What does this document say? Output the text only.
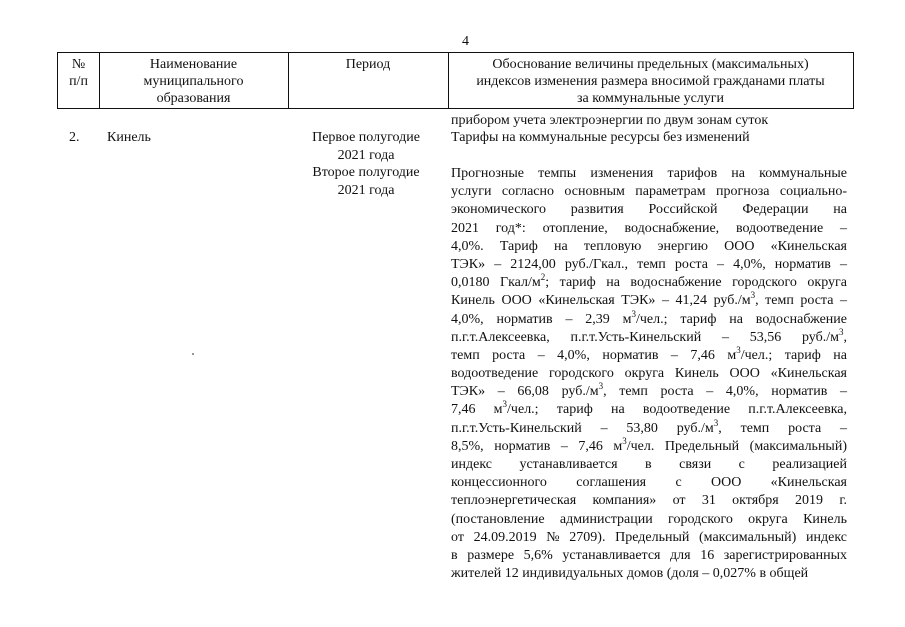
4
№
п/п
Наименование
муниципального
образования
Период	Обоснование величины предельных (максимальных)
индексов изменения размера вносимой гражданами платы
за коммунальные услуги
прибором учета электроэнергии по двум зонам суток
2. Кинель	Первое полугодие
2021 года
Второе полугодие
2021 года
Тарифы на коммунальные ресурсы без изменений
Прогнозные темпы изменения тарифов на коммунальные
услуги согласно основным параметрам прогноза социально-
экономического развития Российской Федерации на
2021 год*: отопление, водоснабжение, водоотведение –
4,0%. Тариф на тепловую энергию ООО «Кинельская
ТЭК» – 2124,00 руб./Гкал., темп роста – 4,0%, норматив –
0,0180 Гкал/$м^2$; тариф на водоснабжение городского округа
Кинель ООО «Кинельская ТЭК» – 41,24 $руб./м^3$, темп роста –
4,0%, норматив – 2,39 $м^3$/чел.; тариф на водоснабжение
п.г.т.Алексеевка, п.г.т.Усть-Кинельский – 53,56 $руб./м^3$,
темп роста – 4,0%, норматив – 7,46 $м^3$/чел.; тариф на
водоотведение городского округа Кинель ООО «Кинельская
ТЭК» – 66,08 $руб./м^3$, темп роста – 4,0%, норматив –
7,46 $м^3$/чел.; тариф на водоотведение п.г.т.Алексеевка,
п.г.т.Усть-Кинельский – 53,80 $руб./м^3$, темп роста –
8,5%, норматив – 7,46 $м^3$/чел. Предельный (максимальный)
индекс устанавливается в связи с реализацией
концессионного соглашения с ООО «Кинельская
теплоэнергетическая компания» от 31 октября 2019 г.
(постановление администрации городского округа Кинель
от 24.09.2019 № 2709). Предельный (максимальный) индекс
в размере 5,6% устанавливается для 16 зарегистрированных
жителей 12 индивидуальных домов (доля – 0,027% в общей
